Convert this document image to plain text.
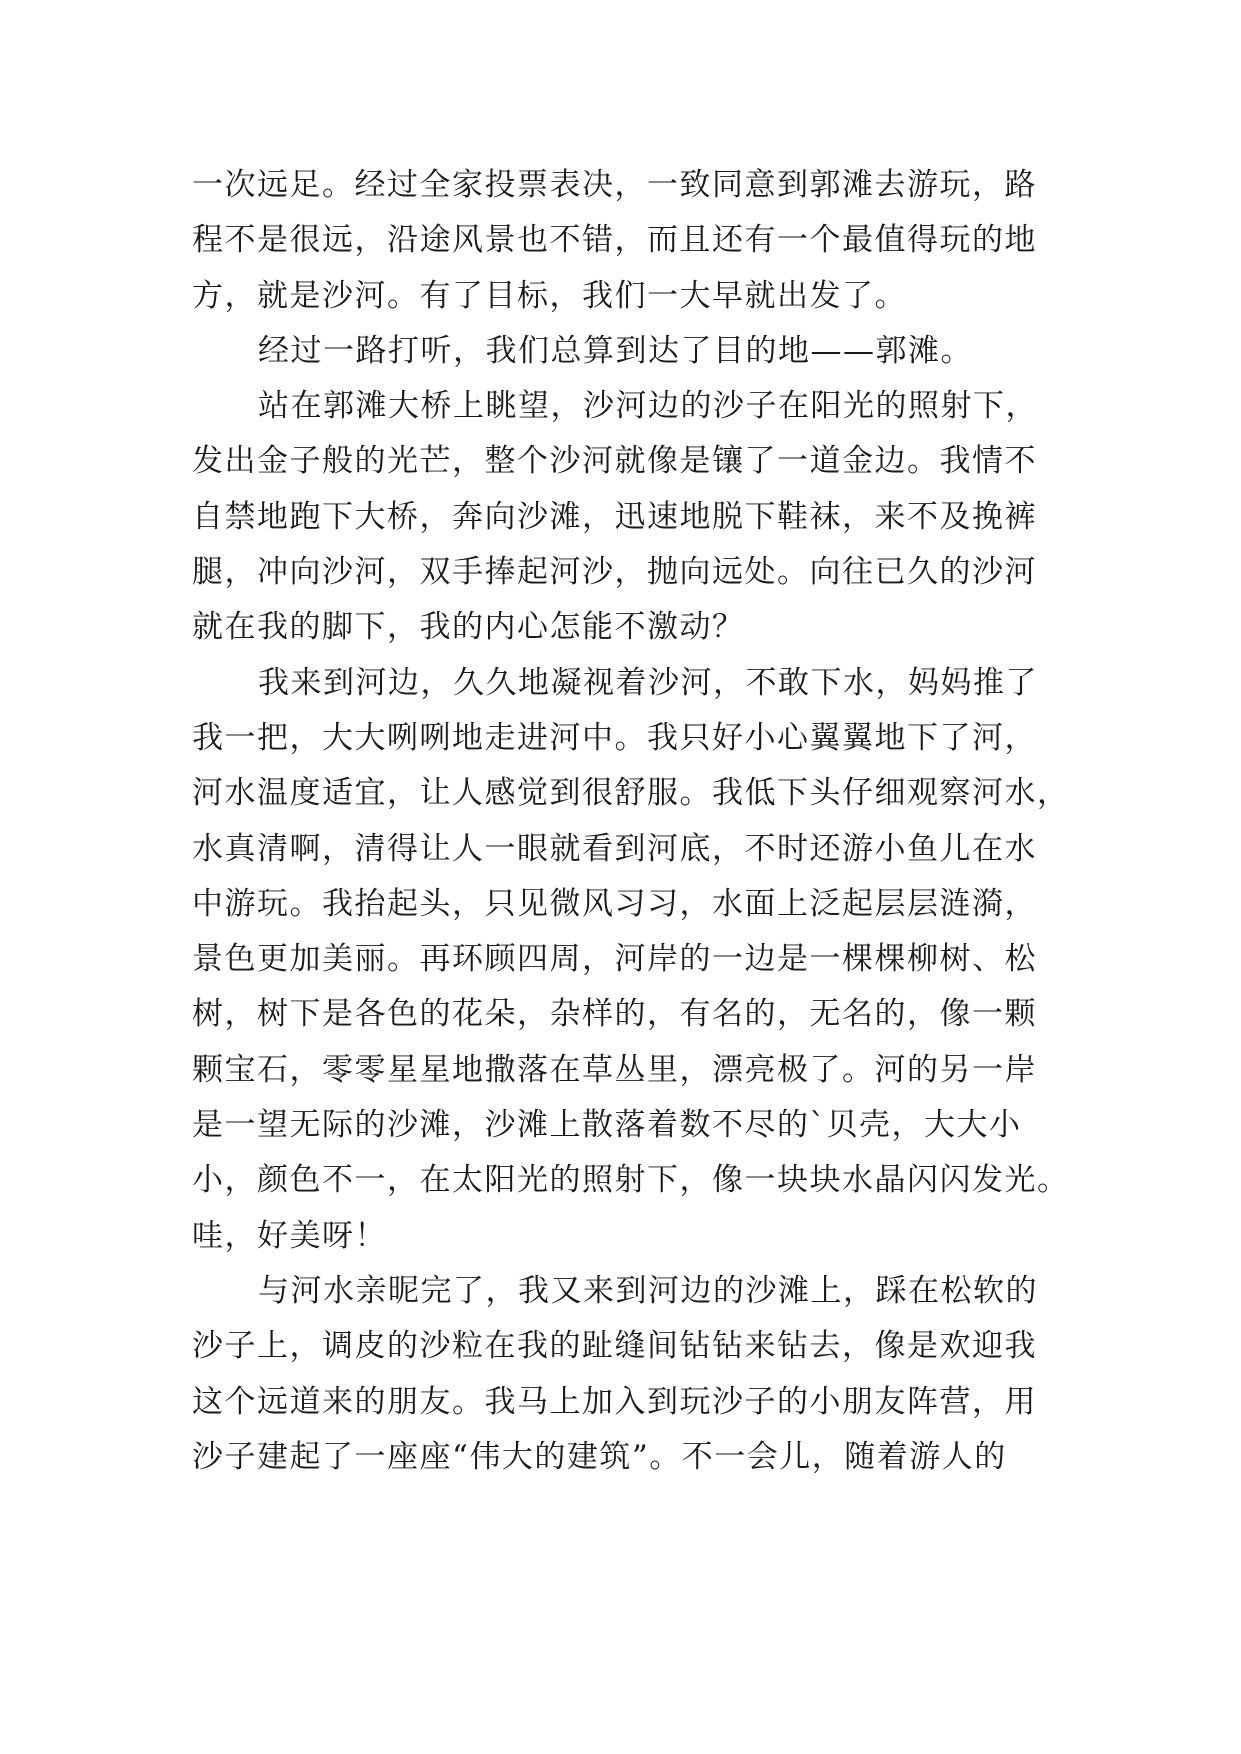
一次远足。经过全家投票表决，一致同意到郭滩去游玩，路
程不是很远，沿途风景也不错，而且还有一个最值得玩的地
方，就是沙河。有了目标，我们一大早就出发了。
经过一路打听，我们总算到达了目的地——郭滩。
站在郭滩大桥上眺望，沙河边的沙子在阳光的照射下，
发出金子般的光芒，整个沙河就像是镶了一道金边。我情不
自禁地跑下大桥，奔向沙滩，迅速地脱下鞋袜，来不及挽裤
腿，冲向沙河，双手捧起河沙，抛向远处。向往已久的沙河
就在我的脚下，我的内心怎能不激动？
我来到河边，久久地凝视着沙河，不敢下水，妈妈推了
我一把，大大咧咧地走进河中。我只好小心翼翼地下了河，
河水温度适宜，让人感觉到很舒服。我低下头仔细观察河水，
水真清啊，清得让人一眼就看到河底，不时还游小鱼儿在水
中游玩。我抬起头，只见微风习习，水面上泛起层层涟漪，
景色更加美丽。再环顾四周，河岸的一边是一棵棵柳树、松
树，树下是各色的花朵，杂样的，有名的，无名的，像一颗
颗宝石，零零星星地撒落在草丛里，漂亮极了。河的另一岸
是一望无际的沙滩，沙滩上散落着数不尽的`贝壳，大大小
小，颜色不一，在太阳光的照射下，像一块块水晶闪闪发光。
哇，好美呀！
与河水亲昵完了，我又来到河边的沙滩上，踩在松软的
沙子上，调皮的沙粒在我的趾缝间钻钻来钻去，像是欢迎我
这个远道来的朋友。我马上加入到玩沙子的小朋友阵营，用
沙子建起了一座座“伟大的建筑”。不一会儿，随着游人的
